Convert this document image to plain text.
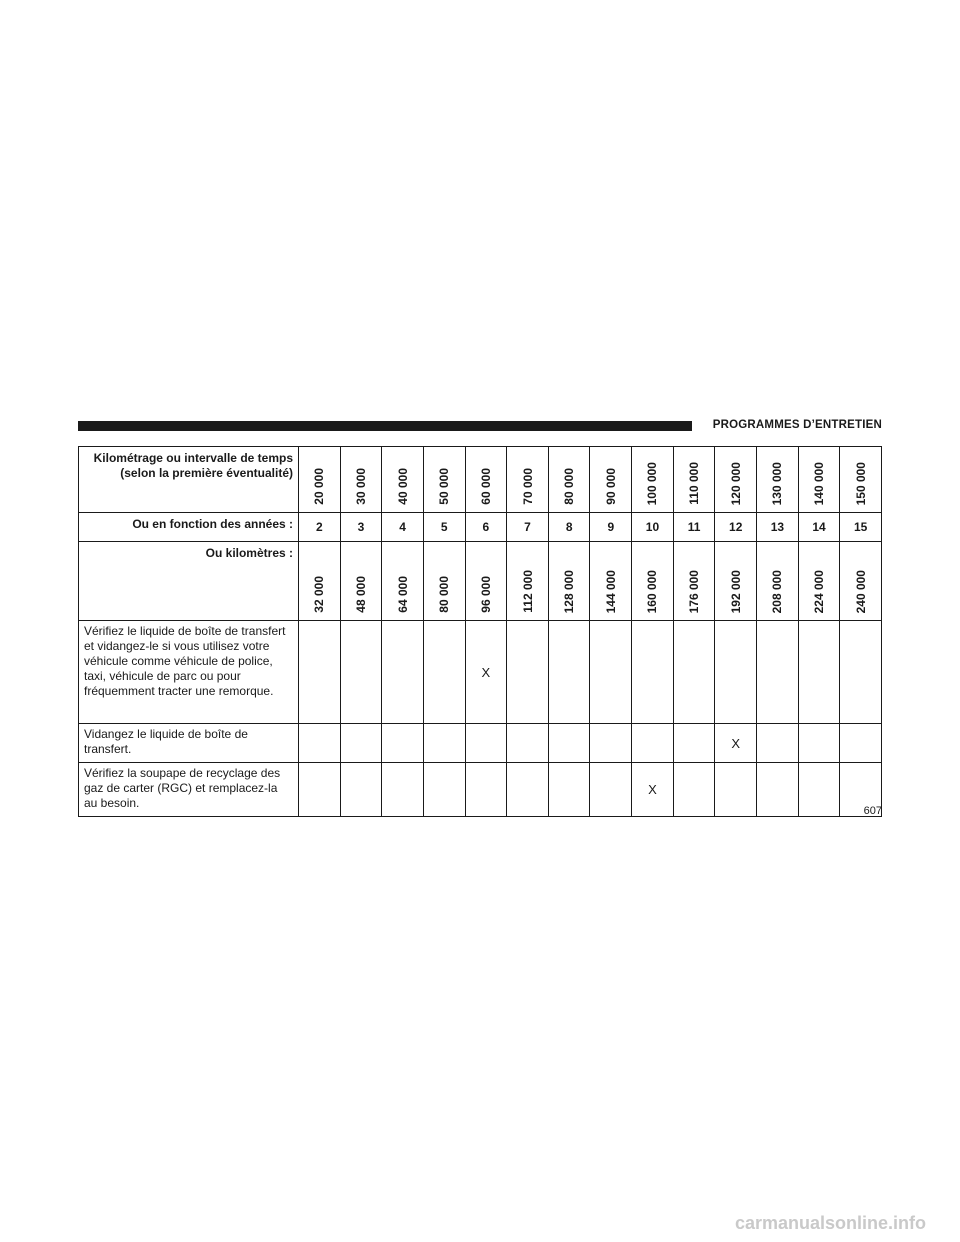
PROGRAMMES D’ENTRETIEN
Kilométrage ou intervalle de temps (selon la première éventualité)	20 000	30 000	40 000	50 000	60 000	70 000	80 000	90 000	100 000	110 000	120 000	130 000	140 000	150 000

Ou en fonction des années :	2	3	4	5	6	7	8	9	10	11	12	13	14	15
Ou kilomètres :	32 000	48 000	64 000	80 000	96 000	112 000	128 000	144 000	160 000	176 000	192 000	208 000	224 000	240 000

Vérifiez le liquide de boîte de transfert et vidangez-le si vous utilisez votre véhicule comme véhicule de police, taxi, véhicule de parc ou pour fréquemment tracter une remorque.					X									
Vidangez le liquide de boîte de transfert.											X			
Vérifiez la soupape de recyclage des gaz de carter (RGC) et remplacez-la au besoin.									X					
607
carmanualsonline.info
